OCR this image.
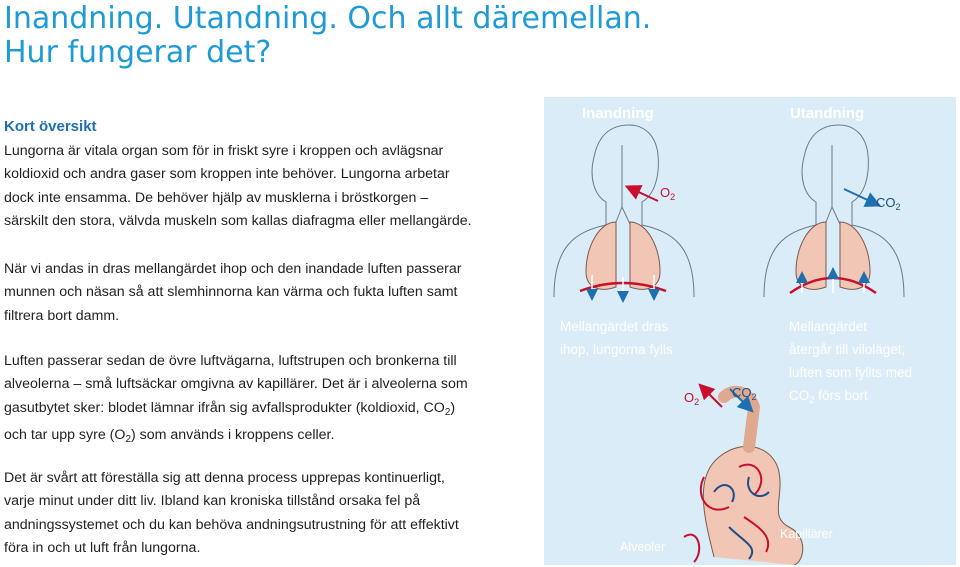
Inandning. Utandning. Och allt däremellan.
Hur fungerar det?
Kort översikt
Lungorna är vitala organ som för in friskt syre i kroppen och avlägsnar
koldioxid och andra gaser som kroppen inte behöver. Lungorna arbetar
dock inte ensamma. De behöver hjälp av musklerna i bröstkorgen –
särskilt den stora, välvda muskeln som kallas diafragma eller mellangärde.
När vi andas in dras mellangärdet ihop och den inandade luften passerar
munnen och näsan så att slemhinnorna kan värma och fukta luften samt
filtrera bort damm.
Luften passerar sedan de övre luftvägarna, luftstrupen och bronkerna till
alveolerna – små luftsäckar omgivna av kapillärer. Det är i alveolerna som
gasutbytet sker: blodet lämnar ifrån sig avfallsprodukter (koldioxid, $CO_2$)
och tar upp syre $(O_2)$ som används i kroppens celler.
Det är svårt att föreställa sig att denna process upprepas kontinuerligt,
varje minut under ditt liv. Ibland kan kroniska tillstånd orsaka fel på
andningssystemet och du kan behöva andningsutrustning för att effektivt
föra in och ut luft från lungorna.
Inandning	Utandning
$O_2$	$CO_2$
Mellangärdet dras
ihop, lungorna fylls
Mellangärdet
återgår till viloläget,
luften som fyllts med
$CO_2$ förs bort
$O_2$
$CO_2$
Alveoler
Kapillärer
